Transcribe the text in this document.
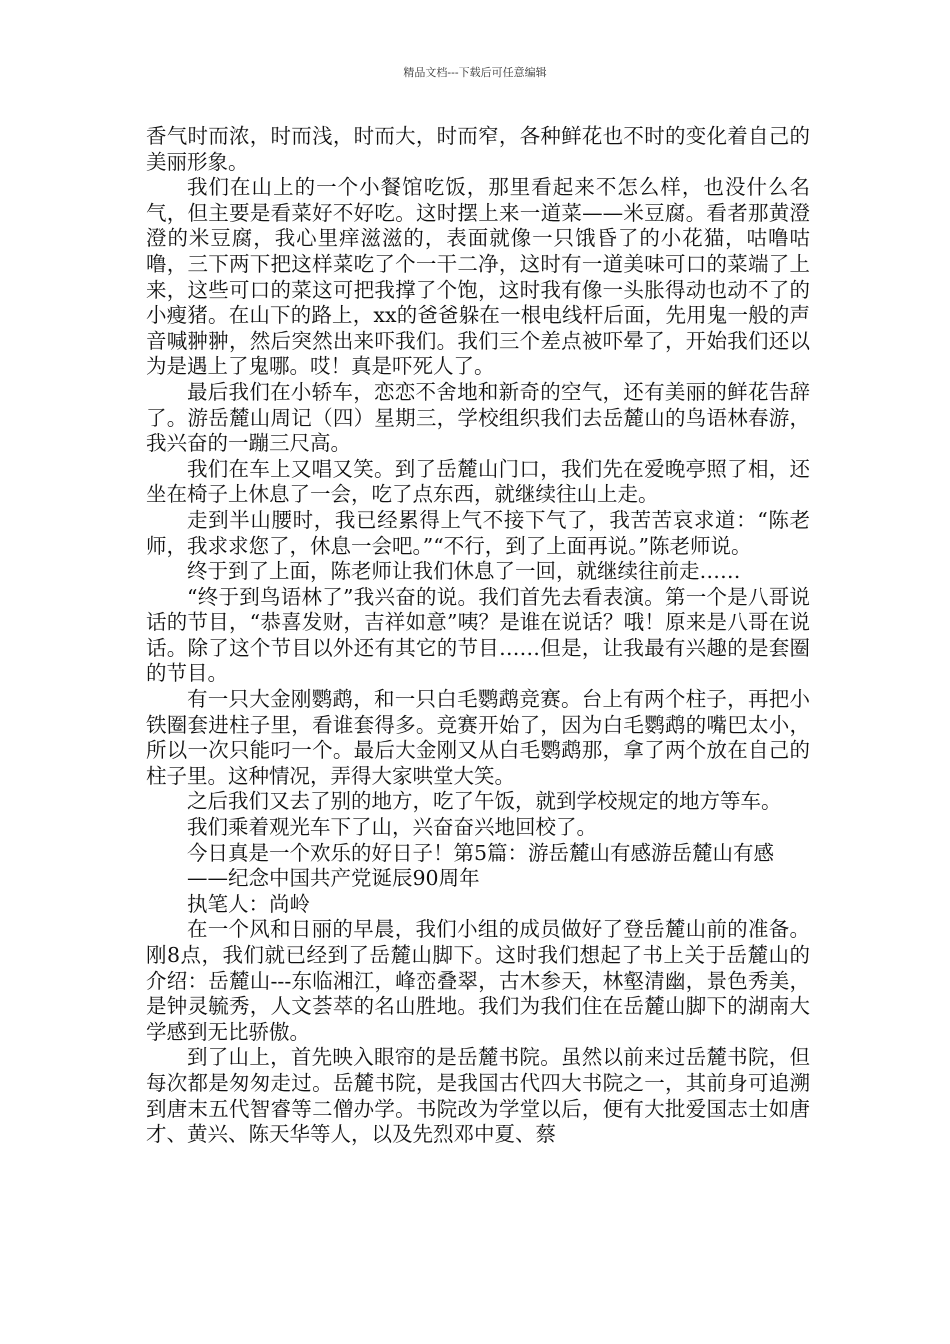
精品文档---下载后可任意编辑

香气时而浓，时而浅，时而大，时而窄，各种鲜花也不时的变化着自己的美丽形象。

我们在山上的一个小餐馆吃饭，那里看起来不怎么样，也没什么名气，但主要是看菜好不好吃。这时摆上来一道菜——米豆腐。看者那黄澄澄的米豆腐，我心里痒滋滋的，表面就像一只饿昏了的小花猫，咕噜咕噜，三下两下把这样菜吃了个一干二净，这时有一道美味可口的菜端了上来，这些可口的菜这可把我撑了个饱，这时我有像一头胀得动也动不了的小瘦猪。在山下的路上，xx的爸爸躲在一根电线杆后面，先用鬼一般的声音喊翀翀，然后突然出来吓我们。我们三个差点被吓晕了，开始我们还以为是遇上了鬼哪。哎！真是吓死人了。

最后我们在小轿车，恋恋不舍地和新奇的空气，还有美丽的鲜花告辞了。游岳麓山周记（四）星期三，学校组织我们去岳麓山的鸟语林春游，我兴奋的一蹦三尺高。

我们在车上又唱又笑。到了岳麓山门口，我们先在爱晚亭照了相，还坐在椅子上休息了一会，吃了点东西，就继续往山上走。

走到半山腰时，我已经累得上气不接下气了，我苦苦哀求道：“陈老师，我求求您了，休息一会吧。”“不行，到了上面再说。”陈老师说。

终于到了上面，陈老师让我们休息了一回，就继续往前走……

“终于到鸟语林了”我兴奋的说。我们首先去看表演。第一个是八哥说话的节目，“恭喜发财，吉祥如意”咦？是谁在说话？哦！原来是八哥在说话。除了这个节目以外还有其它的节目……但是，让我最有兴趣的是套圈的节目。

有一只大金刚鹦鹉，和一只白毛鹦鹉竞赛。台上有两个柱子，再把小铁圈套进柱子里，看谁套得多。竞赛开始了，因为白毛鹦鹉的嘴巴太小，所以一次只能叼一个。最后大金刚又从白毛鹦鹉那，拿了两个放在自己的柱子里。这种情况，弄得大家哄堂大笑。

之后我们又去了别的地方，吃了午饭，就到学校规定的地方等车。

我们乘着观光车下了山，兴奋奋兴地回校了。

今日真是一个欢乐的好日子！第5篇：游岳麓山有感游岳麓山有感

——纪念中国共产党诞辰90周年

执笔人：尚岭

在一个风和日丽的早晨，我们小组的成员做好了登岳麓山前的准备。刚8点，我们就已经到了岳麓山脚下。这时我们想起了书上关于岳麓山的介绍：岳麓山---东临湘江，峰峦叠翠，古木参天，林壑清幽，景色秀美，是钟灵毓秀，人文荟萃的名山胜地。我们为我们住在岳麓山脚下的湖南大学感到无比骄傲。

到了山上，首先映入眼帘的是岳麓书院。虽然以前来过岳麓书院，但每次都是匆匆走过。岳麓书院，是我国古代四大书院之一，其前身可追溯到唐末五代智睿等二僧办学。书院改为学堂以后，便有大批爱国志士如唐才、黄兴、陈天华等人，以及先烈邓中夏、蔡
